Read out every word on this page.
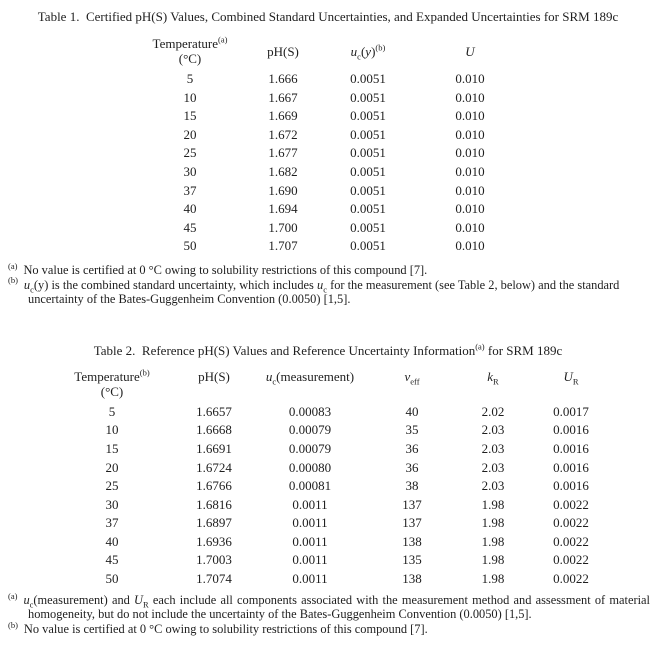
Table 1.  Certified pH(S) Values, Combined Standard Uncertainties, and Expanded Uncertainties for SRM 189c
Temperature$^{(a)}$
(°C)	pH(S)	$u_c(y)^{(b)}$	U
5	1.666	0.0051	0.010
10	1.667	0.0051	0.010
15	1.669	0.0051	0.010
20	1.672	0.0051	0.010
25	1.677	0.0051	0.010
30	1.682	0.0051	0.010
37	1.690	0.0051	0.010
40	1.694	0.0051	0.010
45	1.700	0.0051	0.010
50	1.707	0.0051	0.010
$^{(a)}$ No value is certified at 0 °C owing to solubility restrictions of this compound [7].
$^{(b)}$ $u_c(y)$ is the combined standard uncertainty, which includes $u_c$ for the measurement (see Table 2, below) and the standard uncertainty of the Bates-Guggenheim Convention (0.0050) [1,5].
Table 2.  Reference pH(S) Values and Reference Uncertainty Information$^{(a)}$ for SRM 189c
Temperature$^{(b)}$
(°C)	pH(S)	$u_c(measurement)$	$v_{eff}$	$k_R$	$U_R$
5	1.6657	0.00083	40	2.02	0.0017
10	1.6668	0.00079	35	2.03	0.0016
15	1.6691	0.00079	36	2.03	0.0016
20	1.6724	0.00080	36	2.03	0.0016
25	1.6766	0.00081	38	2.03	0.0016
30	1.6816	0.0011	137	1.98	0.0022
37	1.6897	0.0011	137	1.98	0.0022
40	1.6936	0.0011	138	1.98	0.0022
45	1.7003	0.0011	135	1.98	0.0022
50	1.7074	0.0011	138	1.98	0.0022
$^{(a)}$ $u_c(measurement)$ and $U_R$ each include all components associated with the measurement method and assessment of material homogeneity, but do not include the uncertainty of the Bates-Guggenheim Convention (0.0050) [1,5].
$^{(b)}$ No value is certified at 0 °C owing to solubility restrictions of this compound [7].
